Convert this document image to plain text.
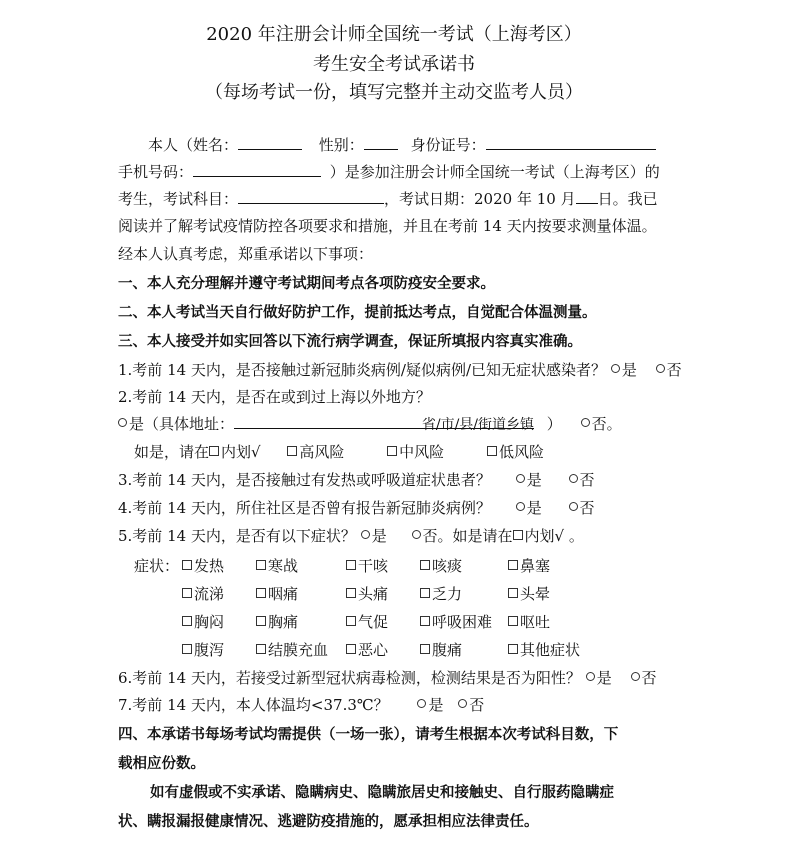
2020 年注册会计师全国统一考试（上海考区）
考生安全考试承诺书
（每场考试一份，填写完整并主动交监考人员）
本人（姓名：	性别：	身份证号：
手机号码：	）是参加注册会计师全国统一考试（上海考区）的
考生，考试科目：	，考试日期：2020 年 10 月 日。我已
阅读并了解考试疫情防控各项要求和措施，并且在考前 14 天内按要求测量体温。
经本人认真考虑，郑重承诺以下事项：
一、本人充分理解并遵守考试期间考点各项防疫安全要求。
二、本人考试当天自行做好防护工作，提前抵达考点，自觉配合体温测量。
三、本人接受并如实回答以下流行病学调查，保证所填报内容真实准确。
1.考前 14 天内，是否接触过新冠肺炎病例/疑似病例/已知无症状感染者？ 是 否
2.考前 14 天内，是否在或到过上海以外地方？
是（具体地址：	省/市/县/街道乡镇 ） 否。
如是，请在 内划√	高风险	中风险	低风险
3.考前 14 天内，是否接触过有发热或呼吸道症状患者？ 是	否
4.考前 14 天内，所住社区是否曾有报告新冠肺炎病例？ 是	否
5.考前 14 天内，是否有以下症状？ 是 否。如是请在 内划√ 。
症状： 发热	寒战	干咳	咳痰	鼻塞
流涕	咽痛	头痛	乏力	头晕
胸闷	胸痛	气促	呼吸困难	呕吐
腹泻	结膜充血	恶心	腹痛	其他症状
6.考前 14 天内，若接受过新型冠状病毒检测，检测结果是否为阳性？ 是 否
7.考前 14 天内，本人体温均<37.3℃？	是 否
四、本承诺书每场考试均需提供（一场一张），请考生根据本次考试科目数，下
载相应份数。
如有虚假或不实承诺、隐瞒病史、隐瞒旅居史和接触史、自行服药隐瞒症
状、瞒报漏报健康情况、逃避防疫措施的，愿承担相应法律责任。
